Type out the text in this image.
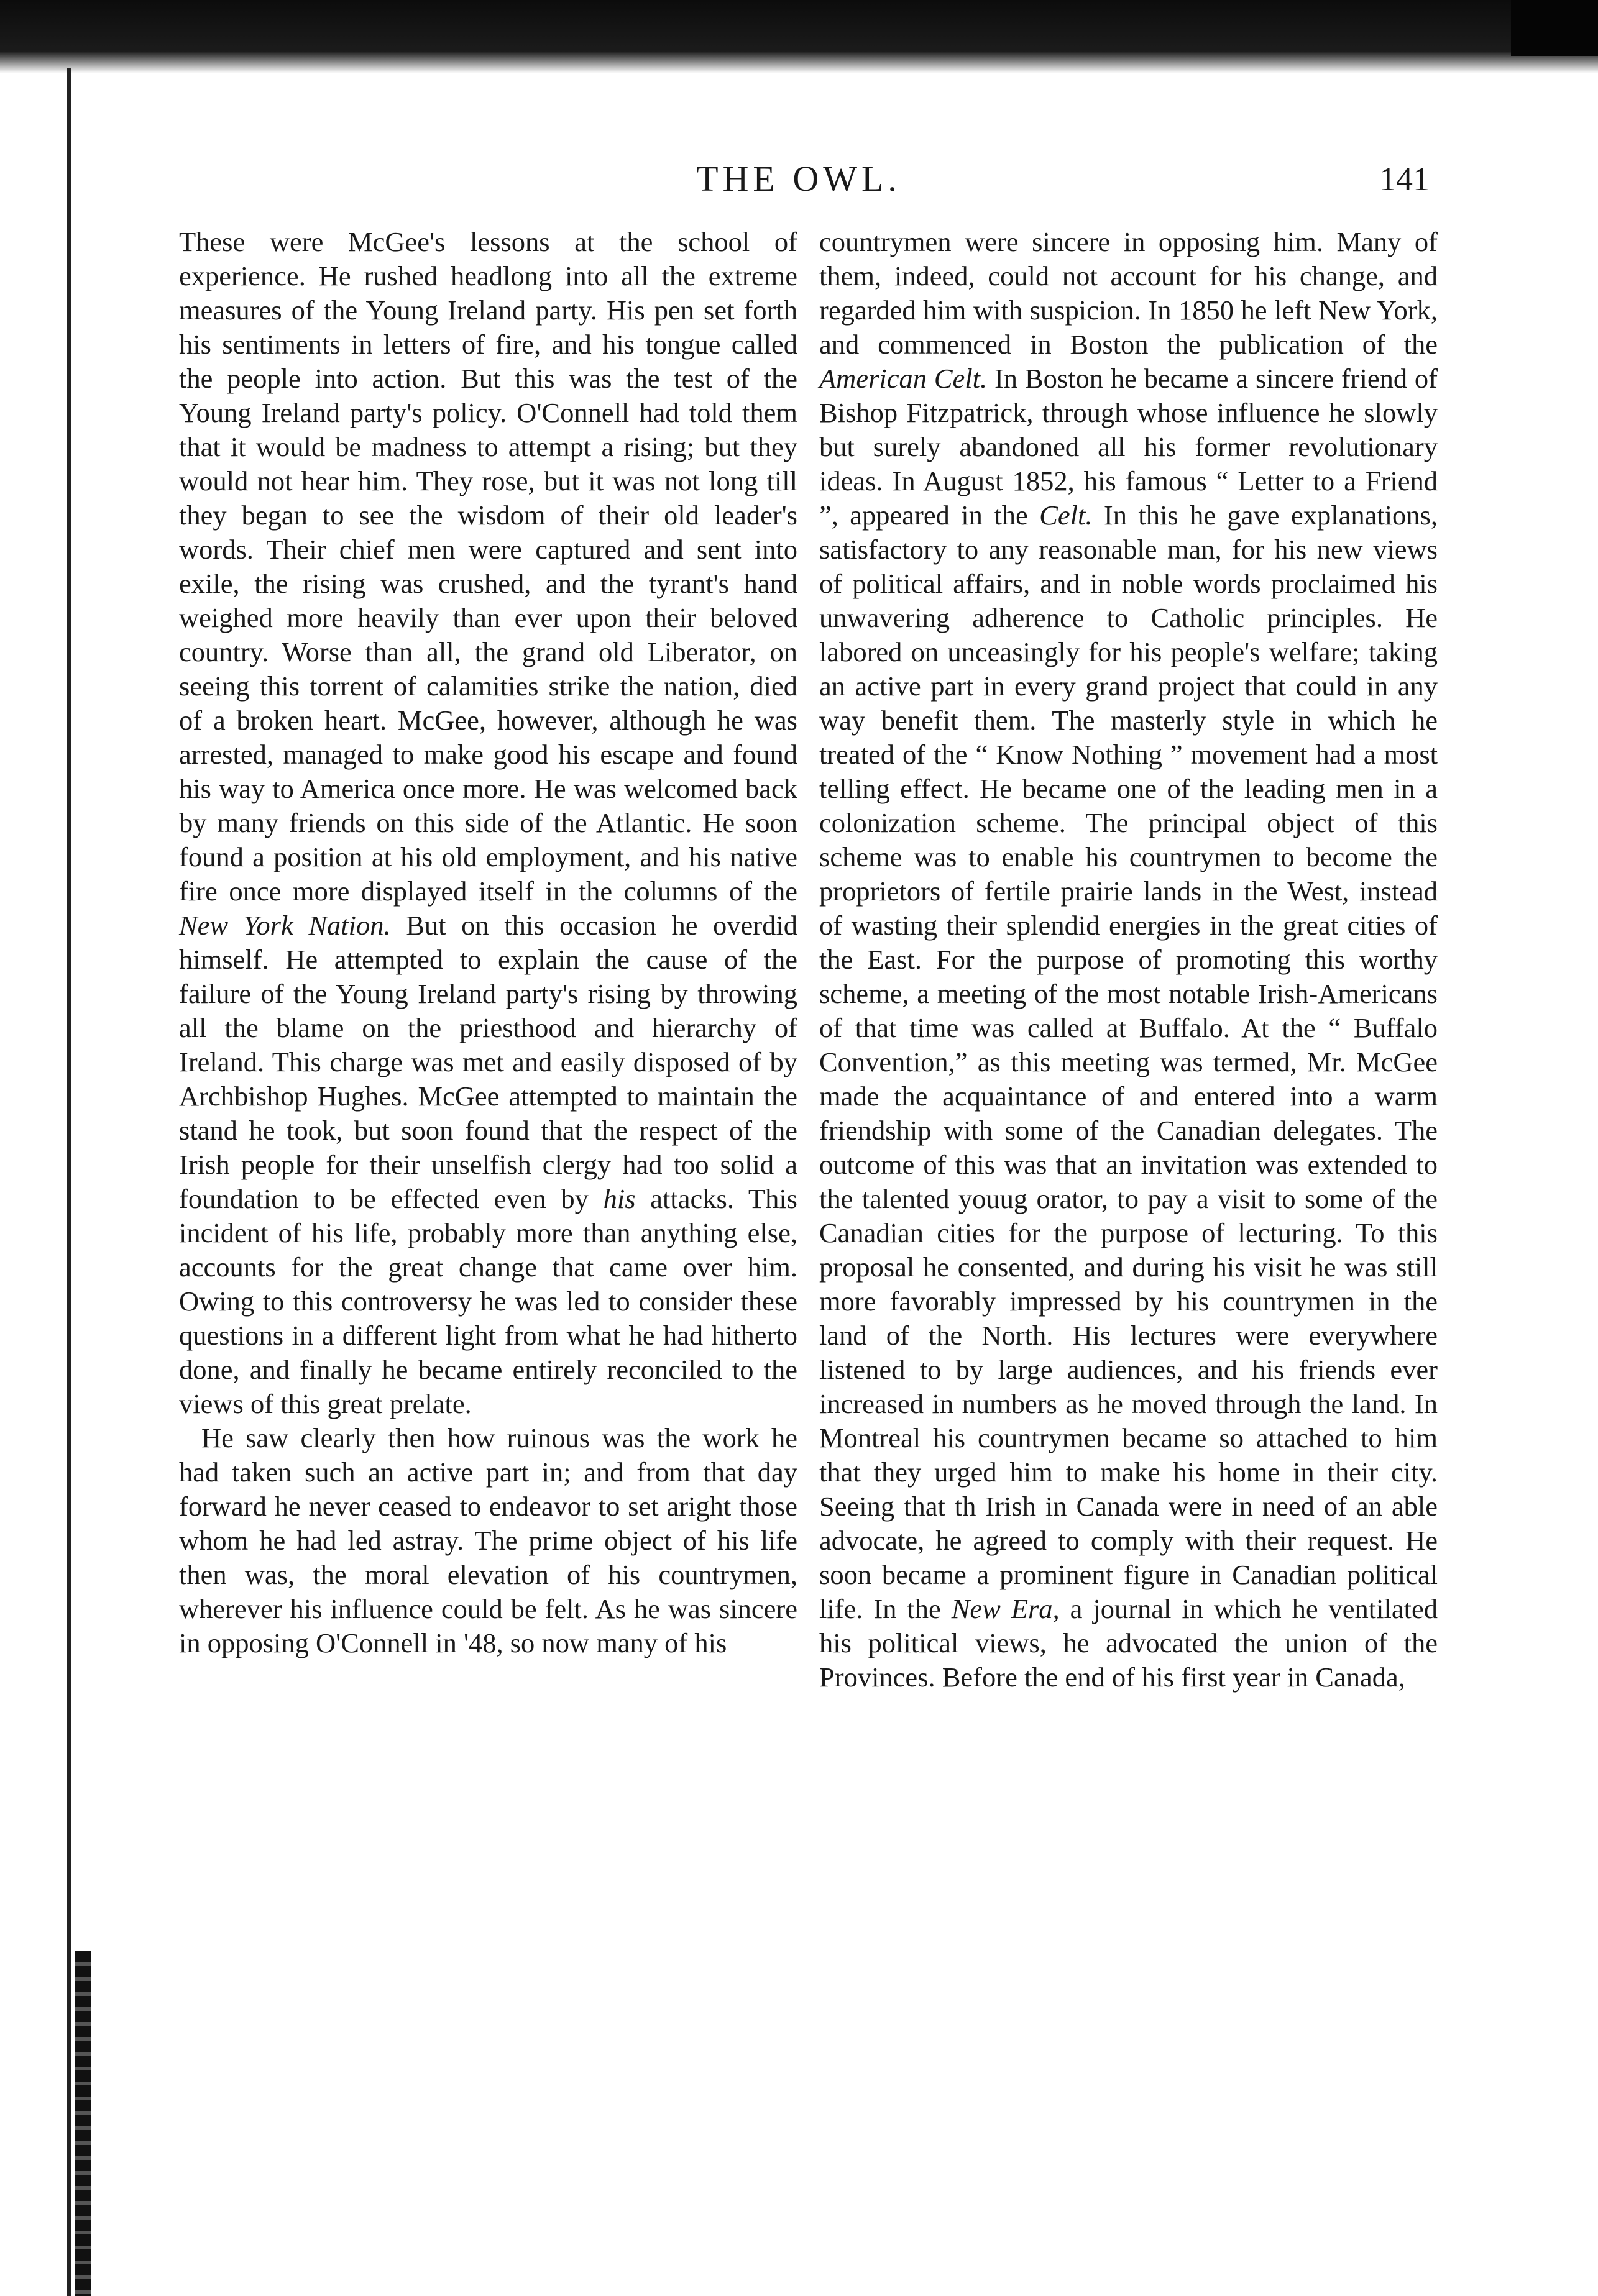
THE OWL.	141

These were McGee's lessons at the school of experience. He rushed headlong into all the extreme measures of the Young Ireland party. His pen set forth his sentiments in letters of fire, and his tongue called the people into action. But this was the test of the Young Ireland party's policy. O'Connell had told them that it would be madness to attempt a rising; but they would not hear him. They rose, but it was not long till they began to see the wisdom of their old leader's words. Their chief men were captured and sent into exile, the rising was crushed, and the tyrant's hand weighed more heavily than ever upon their beloved country. Worse than all, the grand old Liberator, on seeing this torrent of calamities strike the nation, died of a broken heart. McGee, however, although he was arrested, managed to make good his escape and found his way to America once more. He was welcomed back by many friends on this side of the Atlantic. He soon found a position at his old employment, and his native fire once more displayed itself in the columns of the New York Nation. But on this occasion he overdid himself. He attempted to explain the cause of the failure of the Young Ireland party's rising by throwing all the blame on the priesthood and hierarchy of Ireland. This charge was met and easily disposed of by Archbishop Hughes. McGee attempted to maintain the stand he took, but soon found that the respect of the Irish people for their unselfish clergy had too solid a foundation to be effected even by his attacks. This incident of his life, probably more than anything else, accounts for the great change that came over him. Owing to this controversy he was led to consider these questions in a different light from what he had hitherto done, and finally he became entirely reconciled to the views of this great prelate.

He saw clearly then how ruinous was the work he had taken such an active part in; and from that day forward he never ceased to endeavor to set aright those whom he had led astray. The prime object of his life then was, the moral elevation of his countrymen, wherever his influence could be felt. As he was sincere in opposing O'Connell in '48, so now many of his

countrymen were sincere in opposing him. Many of them, indeed, could not account for his change, and regarded him with suspicion. In 1850 he left New York, and commenced in Boston the publication of the American Celt. In Boston he became a sincere friend of Bishop Fitzpatrick, through whose influence he slowly but surely abandoned all his former revolutionary ideas. In August 1852, his famous “ Letter to a Friend ”, appeared in the Celt. In this he gave explanations, satisfactory to any reasonable man, for his new views of political affairs, and in noble words proclaimed his unwavering adherence to Catholic principles. He labored on unceasingly for his people's welfare; taking an active part in every grand project that could in any way benefit them. The masterly style in which he treated of the “ Know Nothing ” movement had a most telling effect. He became one of the leading men in a colonization scheme. The principal object of this scheme was to enable his countrymen to become the proprietors of fertile prairie lands in the West, instead of wasting their splendid energies in the great cities of the East. For the purpose of promoting this worthy scheme, a meeting of the most notable Irish-Americans of that time was called at Buffalo. At the “ Buffalo Convention,” as this meeting was termed, Mr. McGee made the acquaintance of and entered into a warm friendship with some of the Canadian delegates. The outcome of this was that an invitation was extended to the talented youug orator, to pay a visit to some of the Canadian cities for the purpose of lecturing. To this proposal he consented, and during his visit he was still more favorably impressed by his countrymen in the land of the North. His lectures were everywhere listened to by large audiences, and his friends ever increased in numbers as he moved through the land. In Montreal his countrymen became so attached to him that they urged him to make his home in their city. Seeing that th Irish in Canada were in need of an able advocate, he agreed to comply with their request. He soon became a prominent figure in Canadian political life. In the New Era, a journal in which he ventilated his political views, he advocated the union of the Provinces. Before the end of his first year in Canada,
